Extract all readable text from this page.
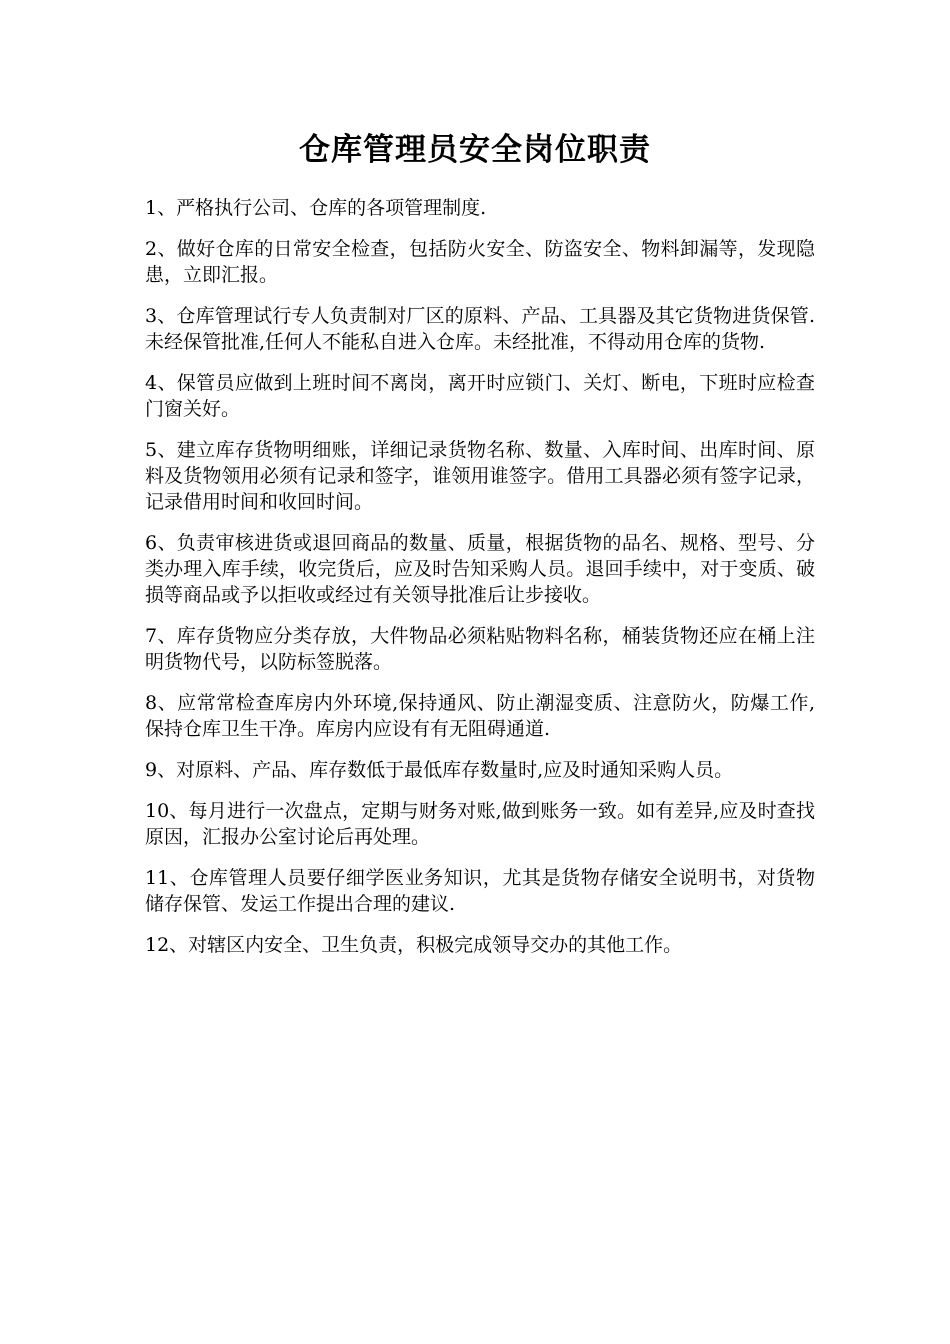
仓库管理员安全岗位职责
1、严格执行公司、仓库的各项管理制度.
2、做好仓库的日常安全检查，包括防火安全、防盗安全、物料卸漏等，发现隐患，立即汇报。
3、仓库管理试行专人负责制对厂区的原料、产品、工具器及其它货物进货保管.未经保管批准,任何人不能私自进入仓库。未经批准，不得动用仓库的货物.
4、保管员应做到上班时间不离岗，离开时应锁门、关灯、断电，下班时应检查门窗关好。
5、建立库存货物明细账，详细记录货物名称、数量、入库时间、出库时间、原料及货物领用必须有记录和签字，谁领用谁签字。借用工具器必须有签字记录，记录借用时间和收回时间。
6、负责审核进货或退回商品的数量、质量，根据货物的品名、规格、型号、分类办理入库手续，收完货后，应及时告知采购人员。退回手续中，对于变质、破损等商品或予以拒收或经过有关领导批准后让步接收。
7、库存货物应分类存放，大件物品必须粘贴物料名称，桶装货物还应在桶上注明货物代号，以防标签脱落。
8、应常常检查库房内外环境,保持通风、防止潮湿变质、注意防火，防爆工作,保持仓库卫生干净。库房内应设有有无阻碍通道.
9、对原料、产品、库存数低于最低库存数量时,应及时通知采购人员。
10、每月进行一次盘点，定期与财务对账,做到账务一致。如有差异,应及时查找原因，汇报办公室讨论后再处理。
11、仓库管理人员要仔细学医业务知识，尤其是货物存储安全说明书，对货物储存保管、发运工作提出合理的建议.
12、对辖区内安全、卫生负责，积极完成领导交办的其他工作。
